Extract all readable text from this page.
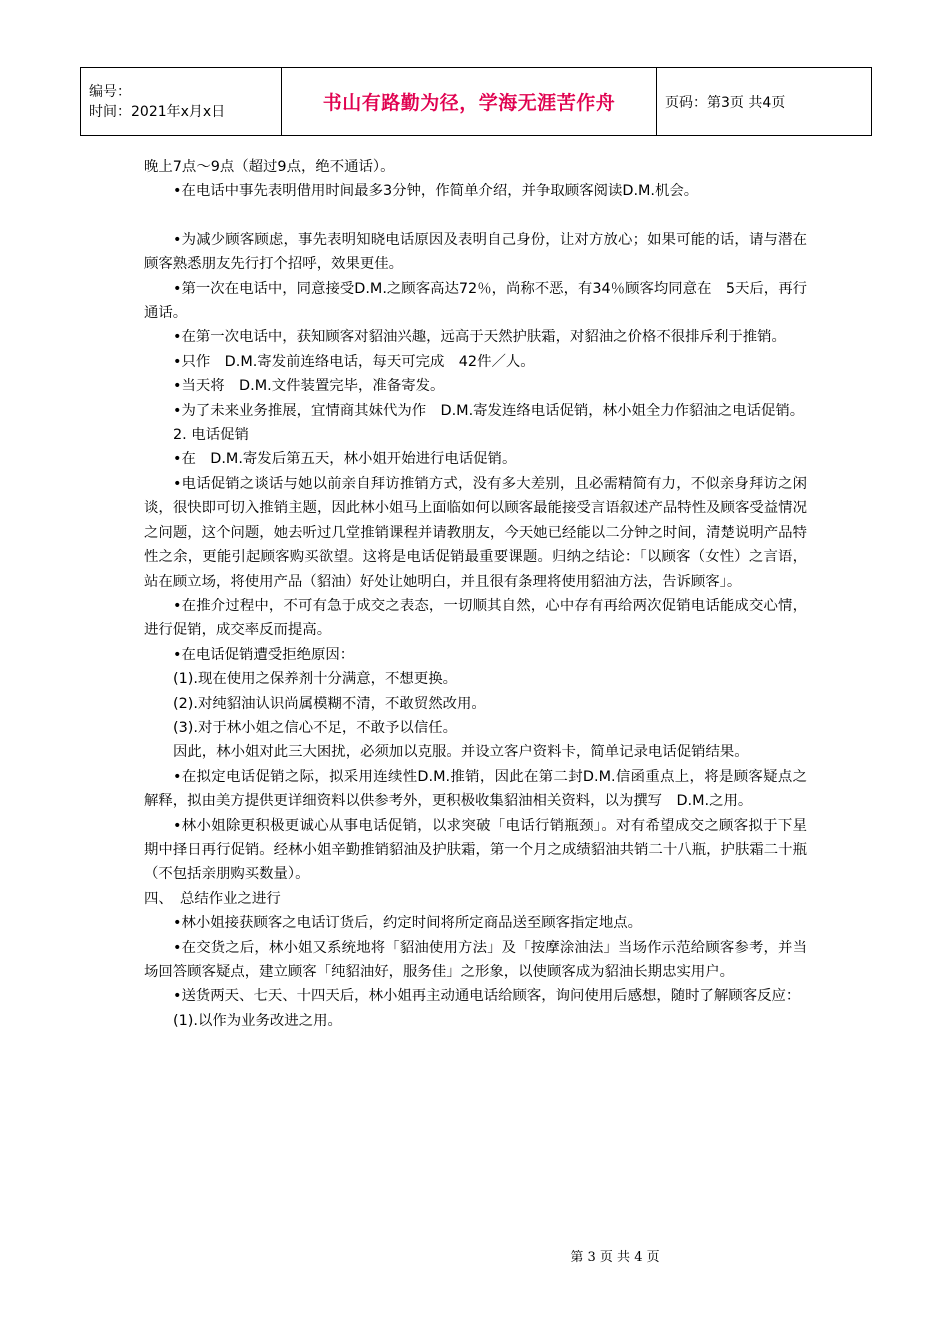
编号：
时间：2021年x月x日	书山有路勤为径，学海无涯苦作舟	页码：第3页 共4页

晚上7点～9点（超过9点，绝不通话）。

•在电话中事先表明借用时间最多3分钟，作简单介绍，并争取顾客阅读D.M.机会。

•为减少顾客顾虑，事先表明知晓电话原因及表明自己身份，让对方放心；如果可能的话，请与潜在顾客熟悉朋友先行打个招呼，效果更佳。

•第一次在电话中，同意接受D.M.之顾客高达72％，尚称不恶，有34％顾客均同意在　5天后，再行通话。

•在第一次电话中，获知顾客对貂油兴趣，远高于天然护肤霜，对貂油之价格不很排斥利于推销。

•只作　D.M.寄发前连络电话，每天可完成　42件／人。

•当天将　D.M.文件装置完毕，准备寄发。

•为了未来业务推展，宜情商其妹代为作　D.M.寄发连络电话促销，林小姐全力作貂油之电话促销。

2. 电话促销

•在　D.M.寄发后第五天，林小姐开始进行电话促销。

•电话促销之谈话与她以前亲自拜访推销方式，没有多大差别，且必需精简有力，不似亲身拜访之闲谈，很快即可切入推销主题，因此林小姐马上面临如何以顾客最能接受言语叙述产品特性及顾客受益情况之问题，这个问题，她去听过几堂推销课程并请教朋友，今天她已经能以二分钟之时间，清楚说明产品特性之余，更能引起顾客购买欲望。这将是电话促销最重要课题。归纳之结论：「以顾客（女性）之言语，站在顾立场，将使用产品（貂油）好处让她明白，并且很有条理将使用貂油方法，告诉顾客」。

•在推介过程中，不可有急于成交之表态，一切顺其自然，心中存有再给两次促销电话能成交心情，进行促销，成交率反而提高。

•在电话促销遭受拒绝原因：

(1).现在使用之保养剂十分满意，不想更换。

(2).对纯貂油认识尚属模糊不清，不敢贸然改用。

(3).对于林小姐之信心不足，不敢予以信任。

因此，林小姐对此三大困扰，必须加以克服。并设立客户资料卡，简单记录电话促销结果。

•在拟定电话促销之际，拟采用连续性D.M.推销，因此在第二封D.M.信函重点上，将是顾客疑点之解释，拟由美方提供更详细资料以供参考外，更积极收集貂油相关资料，以为撰写　D.M.之用。

•林小姐除更积极更诚心从事电话促销，以求突破「电话行销瓶颈」。对有希望成交之顾客拟于下星期中择日再行促销。经林小姐辛勤推销貂油及护肤霜，第一个月之成绩貂油共销二十八瓶，护肤霜二十瓶（不包括亲朋购买数量）。

四、　总结作业之进行

•林小姐接获顾客之电话订货后，约定时间将所定商品送至顾客指定地点。

•在交货之后，林小姐又系统地将「貂油使用方法」及「按摩涂油法」当场作示范给顾客参考，并当场回答顾客疑点，建立顾客「纯貂油好，服务佳」之形象，以使顾客成为貂油长期忠实用户。

•送货两天、七天、十四天后，林小姐再主动通电话给顾客，询问使用后感想，随时了解顾客反应：

(1).以作为业务改进之用。

第 3 页 共 4 页
